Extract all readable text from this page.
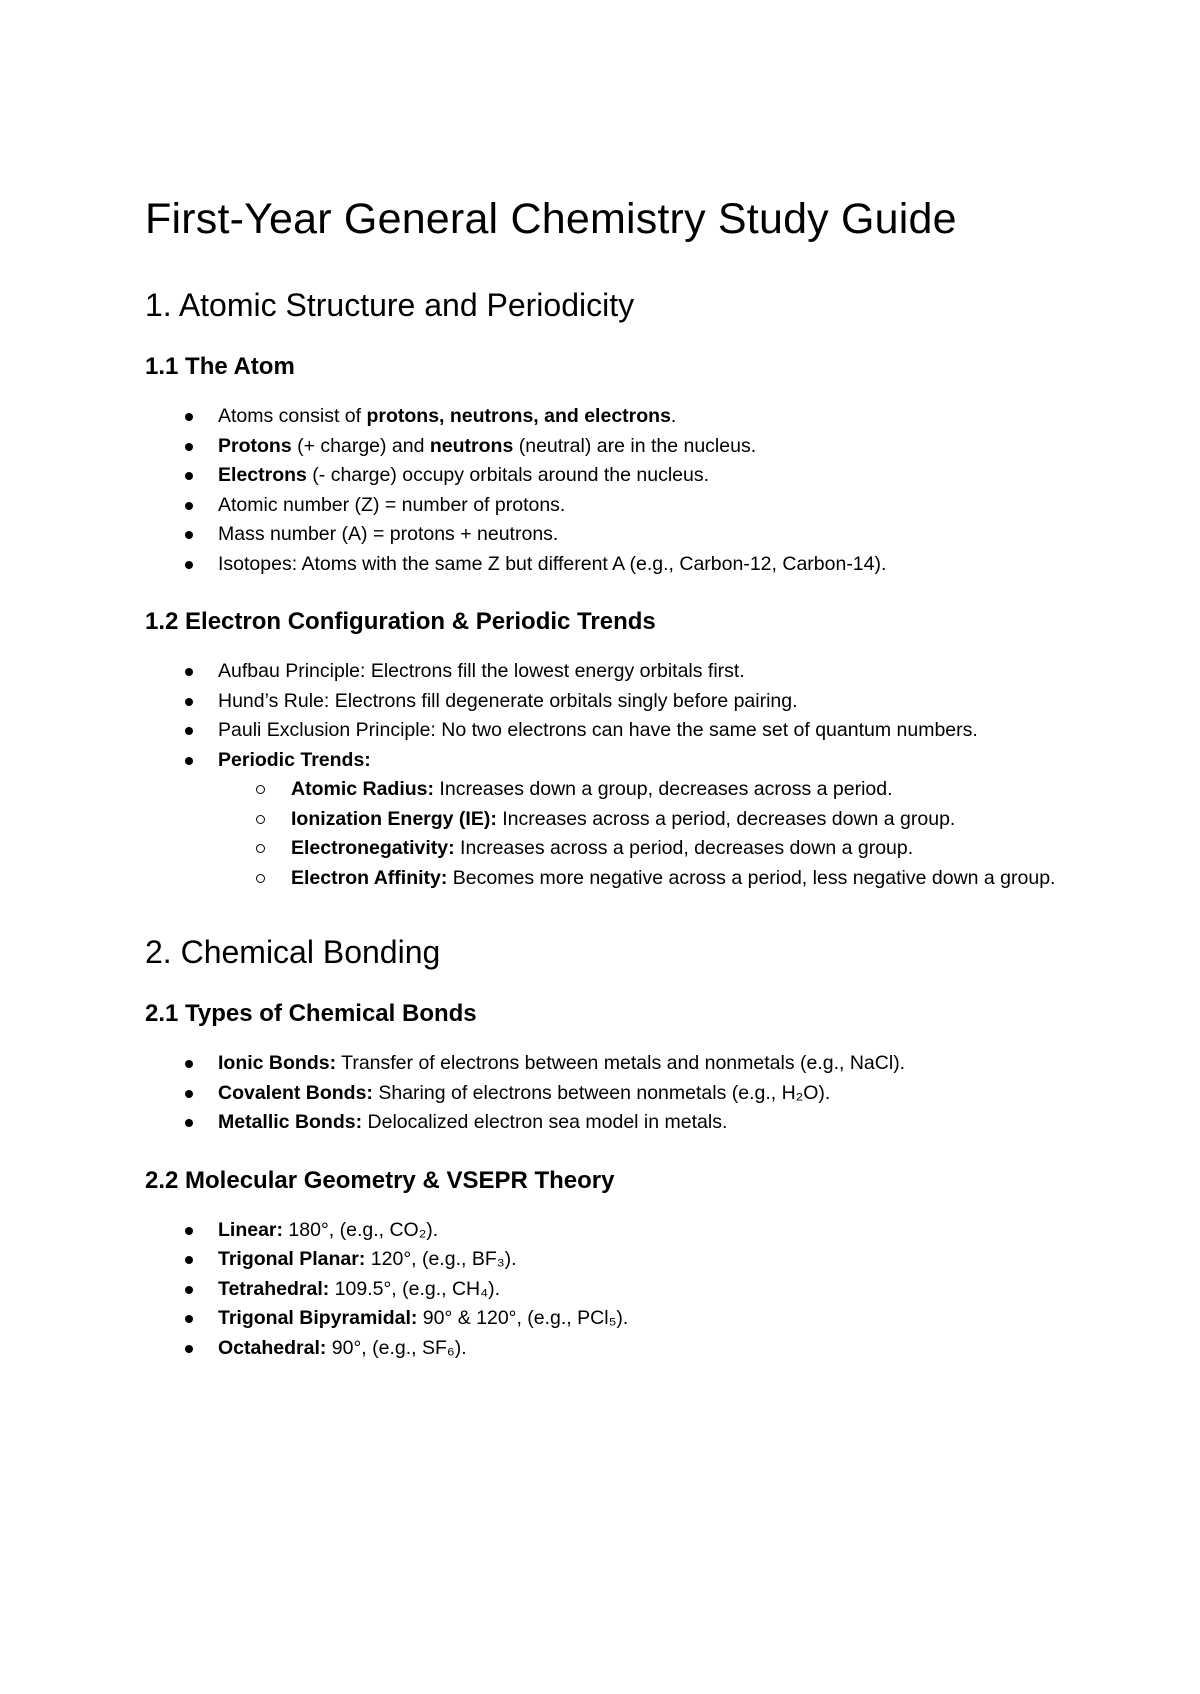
First-Year General Chemistry Study Guide
1. Atomic Structure and Periodicity
1.1 The Atom
Atoms consist of protons, neutrons, and electrons.
Protons (+ charge) and neutrons (neutral) are in the nucleus.
Electrons (- charge) occupy orbitals around the nucleus.
Atomic number (Z) = number of protons.
Mass number (A) = protons + neutrons.
Isotopes: Atoms with the same Z but different A (e.g., Carbon-12, Carbon-14).
1.2 Electron Configuration & Periodic Trends
Aufbau Principle: Electrons fill the lowest energy orbitals first.
Hund’s Rule: Electrons fill degenerate orbitals singly before pairing.
Pauli Exclusion Principle: No two electrons can have the same set of quantum numbers.
Periodic Trends:
Atomic Radius: Increases down a group, decreases across a period.
Ionization Energy (IE): Increases across a period, decreases down a group.
Electronegativity: Increases across a period, decreases down a group.
Electron Affinity: Becomes more negative across a period, less negative down a group.
2. Chemical Bonding
2.1 Types of Chemical Bonds
Ionic Bonds: Transfer of electrons between metals and nonmetals (e.g., NaCl).
Covalent Bonds: Sharing of electrons between nonmetals (e.g., H₂O).
Metallic Bonds: Delocalized electron sea model in metals.
2.2 Molecular Geometry & VSEPR Theory
Linear: 180°, (e.g., CO₂).
Trigonal Planar: 120°, (e.g., BF₃).
Tetrahedral: 109.5°, (e.g., CH₄).
Trigonal Bipyramidal: 90° & 120°, (e.g., PCl₅).
Octahedral: 90°, (e.g., SF₆).
